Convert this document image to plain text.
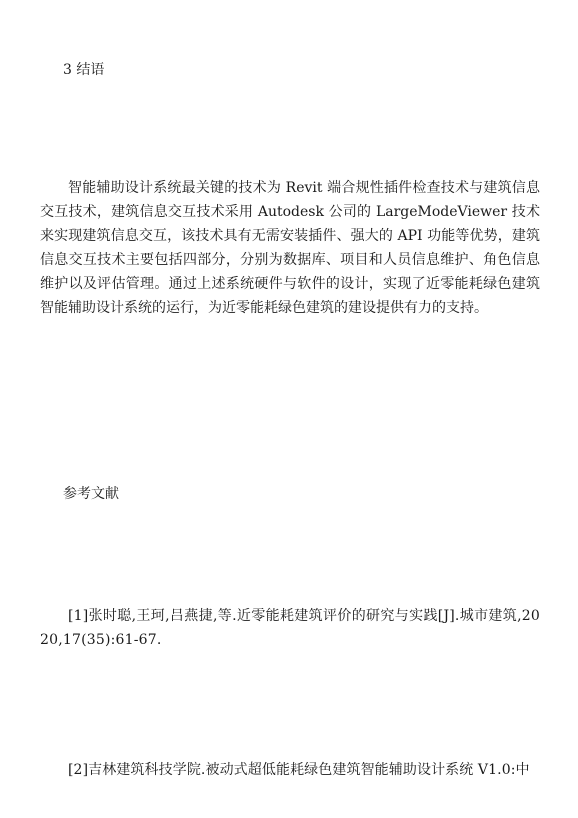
3 结语

智能辅助设计系统最关键的技术为 Revit 端合规性插件检查技术与建筑信息交互技术，建筑信息交互技术采用 Autodesk 公司的 LargeModeViewer 技术来实现建筑信息交互，该技术具有无需安装插件、强大的 API 功能等优势，建筑信息交互技术主要包括四部分，分别为数据库、项目和人员信息维护、角色信息维护以及评估管理。通过上述系统硬件与软件的设计，实现了近零能耗绿色建筑智能辅助设计系统的运行，为近零能耗绿色建筑的建设提供有力的支持。

参考文献

[1]张时聪,王珂,吕燕捷,等.近零能耗建筑评价的研究与实践[J].城市建筑,2020,17(35):61-67.

[2]吉林建筑科技学院.被动式超低能耗绿色建筑智能辅助设计系统 V1.0:中
